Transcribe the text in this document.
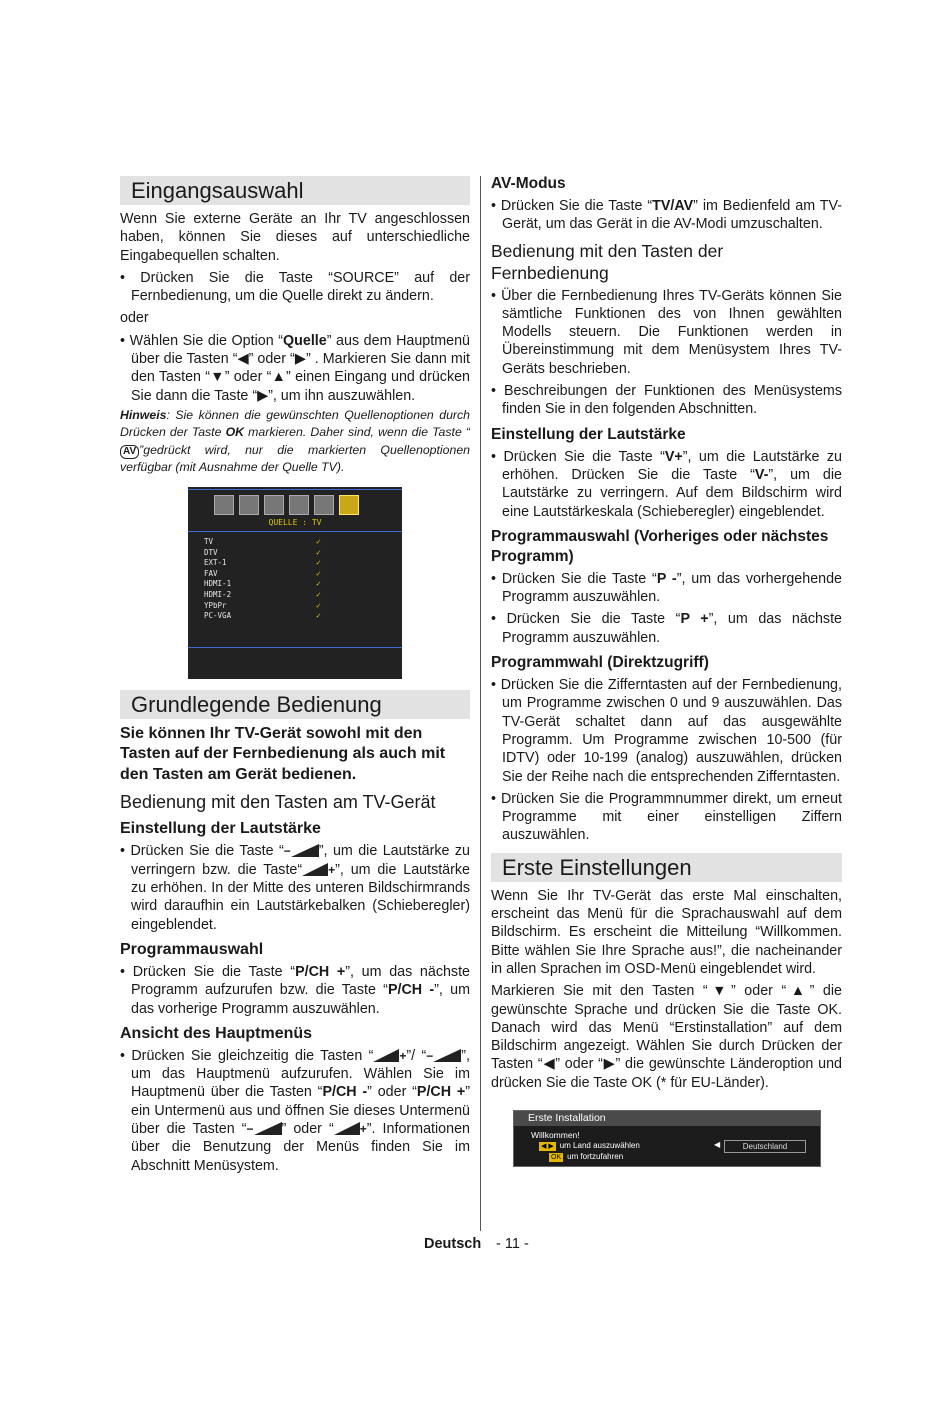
Eingangsauswahl

Wenn Sie externe Geräte an Ihr TV angeschlossen haben, können Sie dieses auf unterschiedliche Eingabequellen schalten.

• Drücken Sie die Taste “SOURCE” auf der Fernbedienung, um die Quelle direkt zu ändern.

oder

• Wählen Sie die Option “Quelle” aus dem Hauptmenü über die Tasten “◀” oder “▶” . Markieren Sie dann mit den Tasten “▼” oder “▲” einen Eingang und drücken Sie dann die Taste “▶”, um ihn auszuwählen.
Hinweis: Sie können die gewünschten Quellenoptionen durch Drücken der Taste OK markieren. Daher sind, wenn die Taste “AV ”gedrückt wird, nur die markierten Quellenoptionen verfügbar (mit Ausnahme der Quelle TV).
QUELLE : TV
TV	✓
DTV	✓
EXT-1	✓
FAV	✓
HDMI-1	✓
HDMI-2	✓
YPbPr	✓
PC-VGA	✓
Grundlegende Bedienung
Sie können Ihr TV-Gerät sowohl mit den Tasten auf der Fernbedienung als auch mit den Tasten am Gerät bedienen.
Bedienung mit den Tasten am TV-Gerät
Einstellung der Lautstärke
• Drücken Sie die Taste “− ”, um die Lautstärke zu verringern bzw. die Taste“ +”, um die Lautstärke zu erhöhen. In der Mitte des unteren Bildschirmrands wird daraufhin ein Lautstärkebalken (Schieberegler) eingeblendet.
Programmauswahl
• Drücken Sie die Taste “P/CH +”, um das nächste Programm aufzurufen bzw. die Taste “P/CH -”, um das vorherige Programm auszuwählen.
Ansicht des Hauptmenüs
• Drücken Sie gleichzeitig die Tasten “ +”/ “− ”, um das Hauptmenü aufzurufen. Wählen Sie im Hauptmenü über die Tasten “P/CH -” oder “P/CH +” ein Untermenü aus und öffnen Sie dieses Untermenü über die Tasten “− ” oder “ +”. Informationen über die Benutzung der Menüs finden Sie im Abschnitt Menüsystem.
AV-Modus
• Drücken Sie die Taste “TV/AV” im Bedienfeld am TV-Gerät, um das Gerät in die AV-Modi umzuschalten.
Bedienung mit den Tasten der Fernbedienung
• Über die Fernbedienung Ihres TV-Geräts können Sie sämtliche Funktionen des von Ihnen gewählten Modells steuern. Die Funktionen werden in Übereinstimmung mit dem Menüsystem Ihres TV-Geräts beschrieben.
• Beschreibungen der Funktionen des Menüsystems finden Sie in den folgenden Abschnitten.
Einstellung der Lautstärke
• Drücken Sie die Taste “V+”, um die Lautstärke zu erhöhen. Drücken Sie die Taste “V-”, um die Lautstärke zu verringern. Auf dem Bildschirm wird eine Lautstärkeskala (Schieberegler) eingeblendet.
Programmauswahl (Vorheriges oder nächstes Programm)
• Drücken Sie die Taste “P -”, um das vorhergehende Programm auszuwählen.
• Drücken Sie die Taste “P +”, um das nächste Programm auszuwählen.
Programmwahl (Direktzugriff)
• Drücken Sie die Zifferntasten auf der Fernbedienung, um Programme zwischen 0 und 9 auszuwählen. Das TV-Gerät schaltet dann auf das ausgewählte Programm. Um Programme zwischen 10-500 (für IDTV) oder 10-199 (analog) auszuwählen, drücken Sie der Reihe nach die entsprechenden Zifferntasten.
• Drücken Sie die Programmnummer direkt, um erneut Programme mit einer einstelligen Ziffern auszuwählen.
Erste Einstellungen

Wenn Sie Ihr TV-Gerät das erste Mal einschalten, erscheint das Menü für die Sprachauswahl auf dem Bildschirm. Es erscheint die Mitteilung “Willkommen. Bitte wählen Sie Ihre Sprache aus!”, die nacheinander in allen Sprachen im OSD-Menü eingeblendet wird.

Markieren Sie mit den Tasten “▼” oder “▲” die gewünschte Sprache und drücken Sie die Taste OK. Danach wird das Menü “Erstinstallation” auf dem Bildschirm angezeigt. Wählen Sie durch Drücken der Tasten “◀” oder “▶” die gewünschte Länderoption und drücken Sie die Taste OK (* für EU-Länder).

Erste Installation
Willkommen!
◀ ▶ um Land auszuwählen
OK um fortzufahren
◀	Deutschland
Deutsch - 11 -
